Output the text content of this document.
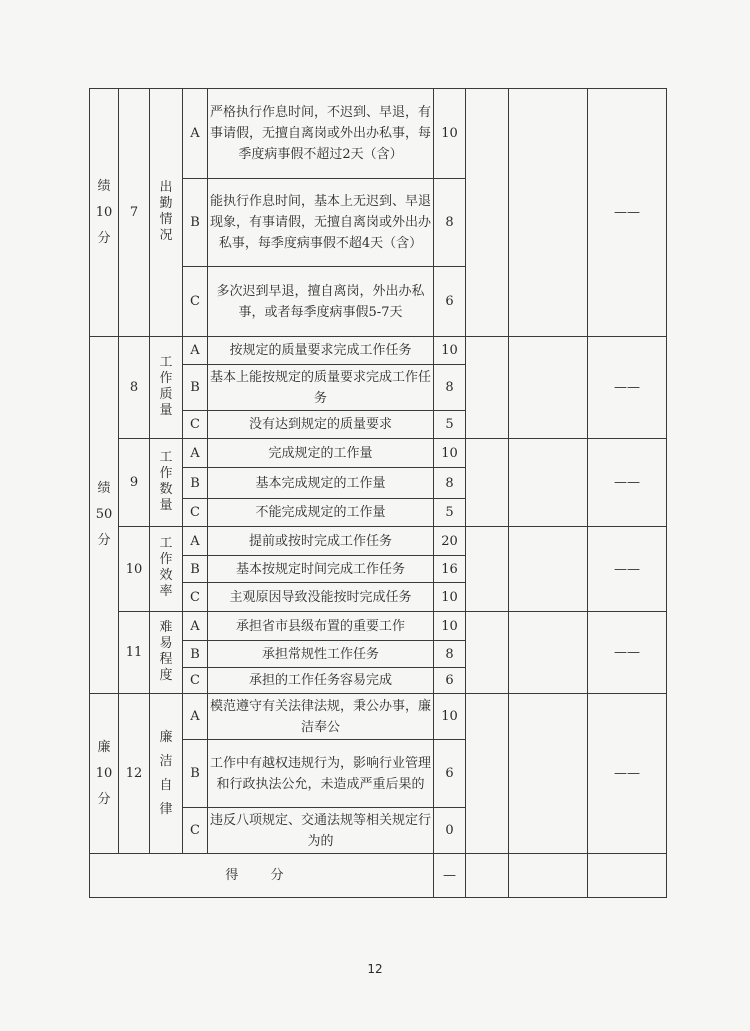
绩10分	7	出勤情况	A	严格执行作息时间，不迟到、早退，有事请假，无擅自离岗或外出办私事，每季度病事假不超过2天（含）	10			——
			B	能执行作息时间，基本上无迟到、早退现象，有事请假，无擅自离岗或外出办私事，每季度病事假不超4天（含）	8			
			C	多次迟到早退，擅自离岗，外出办私事，或者每季度病事假5-7天	6			
绩50分	8	工作质量	A	按规定的质量要求完成工作任务	10			——
			B	基本上能按规定的质量要求完成工作任务	8			
			C	没有达到规定的质量要求	5			
	9	工作数量	A	完成规定的工作量	10			——
			B	基本完成规定的工作量	8			
			C	不能完成规定的工作量	5			
	10	工作效率	A	提前或按时完成工作任务	20			——
			B	基本按规定时间完成工作任务	16			
			C	主观原因导致没能按时完成任务	10			
	11	难易程度	A	承担省市县级布置的重要工作	10			——
			B	承担常规性工作任务	8			
			C	承担的工作任务容易完成	6			
廉10分	12	廉洁自律	A	模范遵守有关法律法规，秉公办事，廉洁奉公	10			——
			B	工作中有越权违规行为，影响行业管理和行政执法公允，未造成严重后果的	6			
			C	违反八项规定、交通法规等相关规定行为的	0			
得 分					—			
12
